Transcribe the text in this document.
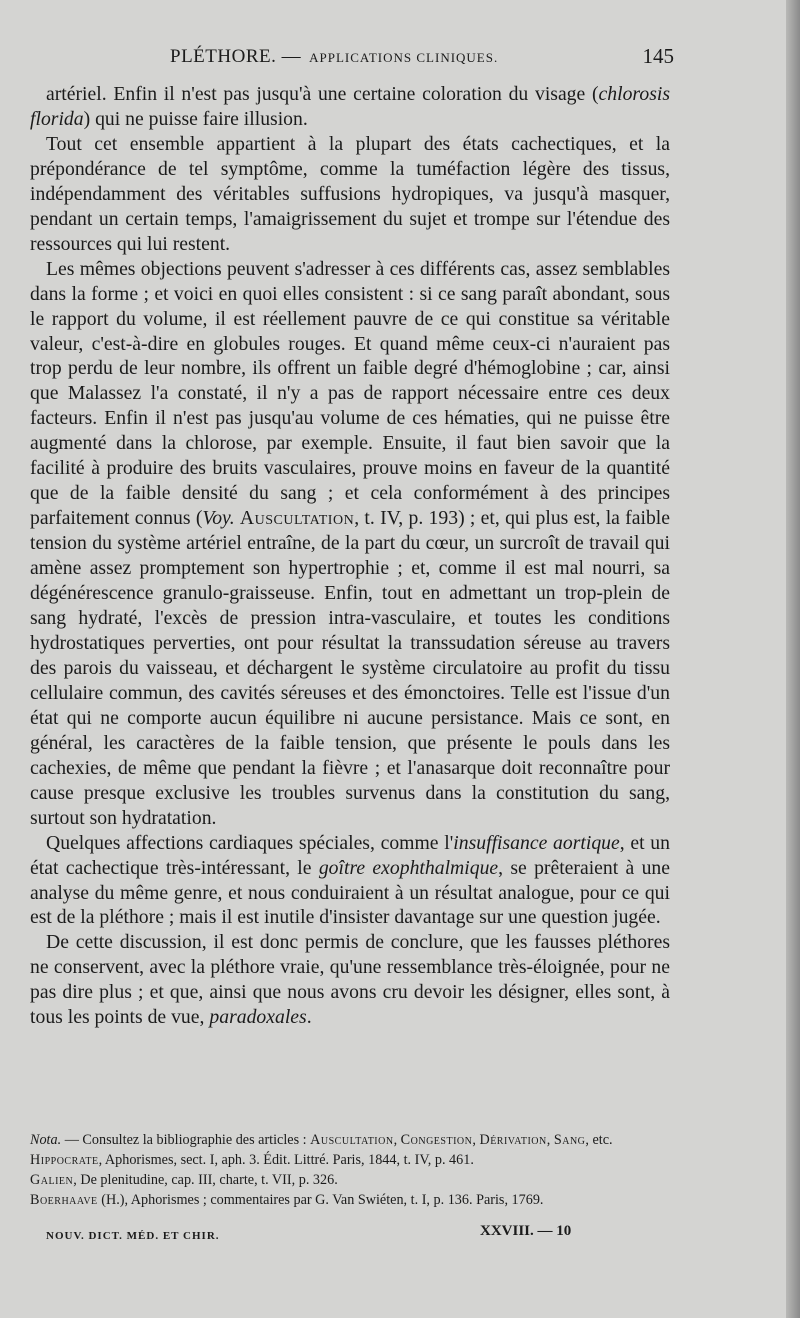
PLÉTHORE. — APPLICATIONS CLINIQUES.	145

artériel. Enfin il n'est pas jusqu'à une certaine coloration du visage (chlorosis florida) qui ne puisse faire illusion.

Tout cet ensemble appartient à la plupart des états cachectiques, et la prépondérance de tel symptôme, comme la tuméfaction légère des tissus, indépendamment des véritables suffusions hydropiques, va jusqu'à masquer, pendant un certain temps, l'amaigrissement du sujet et trompe sur l'étendue des ressources qui lui restent.

Les mêmes objections peuvent s'adresser à ces différents cas, assez semblables dans la forme ; et voici en quoi elles consistent : si ce sang paraît abondant, sous le rapport du volume, il est réellement pauvre de ce qui constitue sa véritable valeur, c'est-à-dire en globules rouges. Et quand même ceux-ci n'auraient pas trop perdu de leur nombre, ils offrent un faible degré d'hémoglobine ; car, ainsi que Malassez l'a constaté, il n'y a pas de rapport nécessaire entre ces deux facteurs. Enfin il n'est pas jusqu'au volume de ces hématies, qui ne puisse être augmenté dans la chlorose, par exemple. Ensuite, il faut bien savoir que la facilité à produire des bruits vasculaires, prouve moins en faveur de la quantité que de la faible densité du sang ; et cela conformément à des principes parfaitement connus (Voy. Auscultation, t. IV, p. 193) ; et, qui plus est, la faible tension du système artériel entraîne, de la part du cœur, un surcroît de travail qui amène assez promptement son hypertrophie ; et, comme il est mal nourri, sa dégénérescence granulo-graisseuse. Enfin, tout en admettant un trop-plein de sang hydraté, l'excès de pression intra-vasculaire, et toutes les conditions hydrostatiques perverties, ont pour résultat la transsudation séreuse au travers des parois du vaisseau, et déchargent le système circulatoire au profit du tissu cellulaire commun, des cavités séreuses et des émonctoires. Telle est l'issue d'un état qui ne comporte aucun équilibre ni aucune persistance. Mais ce sont, en général, les caractères de la faible tension, que présente le pouls dans les cachexies, de même que pendant la fièvre ; et l'anasarque doit reconnaître pour cause presque exclusive les troubles survenus dans la constitution du sang, surtout son hydratation.

Quelques affections cardiaques spéciales, comme l'insuffisance aortique, et un état cachectique très-intéressant, le goître exophthalmique, se prêteraient à une analyse du même genre, et nous conduiraient à un résultat analogue, pour ce qui est de la pléthore ; mais il est inutile d'insister davantage sur une question jugée.

De cette discussion, il est donc permis de conclure, que les fausses pléthores ne conservent, avec la pléthore vraie, qu'une ressemblance très-éloignée, pour ne pas dire plus ; et que, ainsi que nous avons cru devoir les désigner, elles sont, à tous les points de vue, paradoxales.

Nota. — Consultez la bibliographie des articles : Auscultation, Congestion, Dérivation, Sang, etc.

Hippocrate, Aphorismes, sect. I, aph. 3. Édit. Littré. Paris, 1844, t. IV, p. 461.

Galien, De plenitudine, cap. III, charte, t. VII, p. 326.

Boerhaave (H.), Aphorismes ; commentaires par G. Van Swiéten, t. I, p. 136. Paris, 1769.

NOUV. DICT. MÉD. ET CHIR.	XXVIII. — 10
